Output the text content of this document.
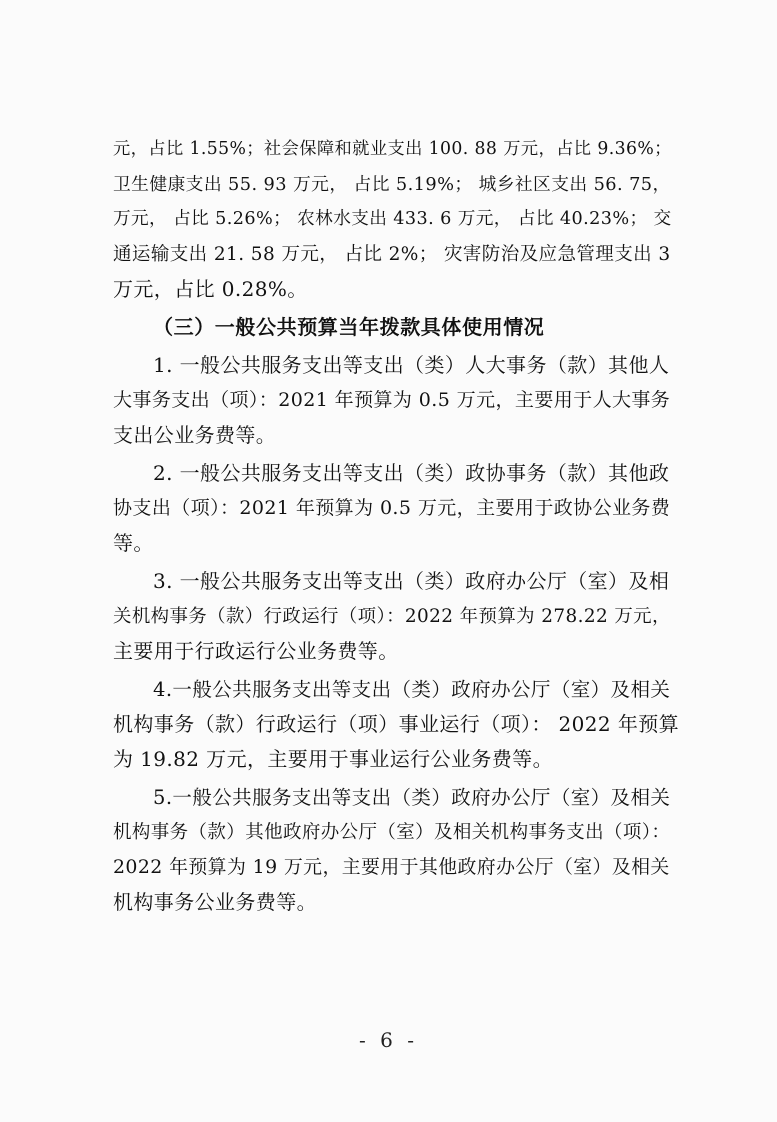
元，占比 1.55%；社会保障和就业支出 100. 88 万元，占比 9.36%；
卫生健康支出 55. 93 万元， 占比 5.19%； 城乡社区支出 56. 75，
万元， 占比 5.26%； 农林水支出 433. 6 万元， 占比 40.23%； 交
通运输支出 21. 58 万元， 占比 2%； 灾害防治及应急管理支出 3
万元，占比 0.28%。
（三）一般公共预算当年拨款具体使用情况
1. 一般公共服务支出等支出（类）人大事务（款）其他人
大事务支出（项）：2021 年预算为 0.5 万元，主要用于人大事务
支出公业务费等。
2. 一般公共服务支出等支出（类）政协事务（款）其他政
协支出（项）：2021 年预算为 0.5 万元，主要用于政协公业务费
等。
3. 一般公共服务支出等支出（类）政府办公厅（室）及相
关机构事务（款）行政运行（项）：2022 年预算为 278.22 万元，
主要用于行政运行公业务费等。
4.一般公共服务支出等支出（类）政府办公厅（室）及相关
机构事务（款）行政运行（项）事业运行（项）： 2022 年预算
为 19.82 万元，主要用于事业运行公业务费等。
5.一般公共服务支出等支出（类）政府办公厅（室）及相关
机构事务（款）其他政府办公厅（室）及相关机构事务支出（项）：
2022 年预算为 19 万元，主要用于其他政府办公厅（室）及相关
机构事务公业务费等。
- 6 -
